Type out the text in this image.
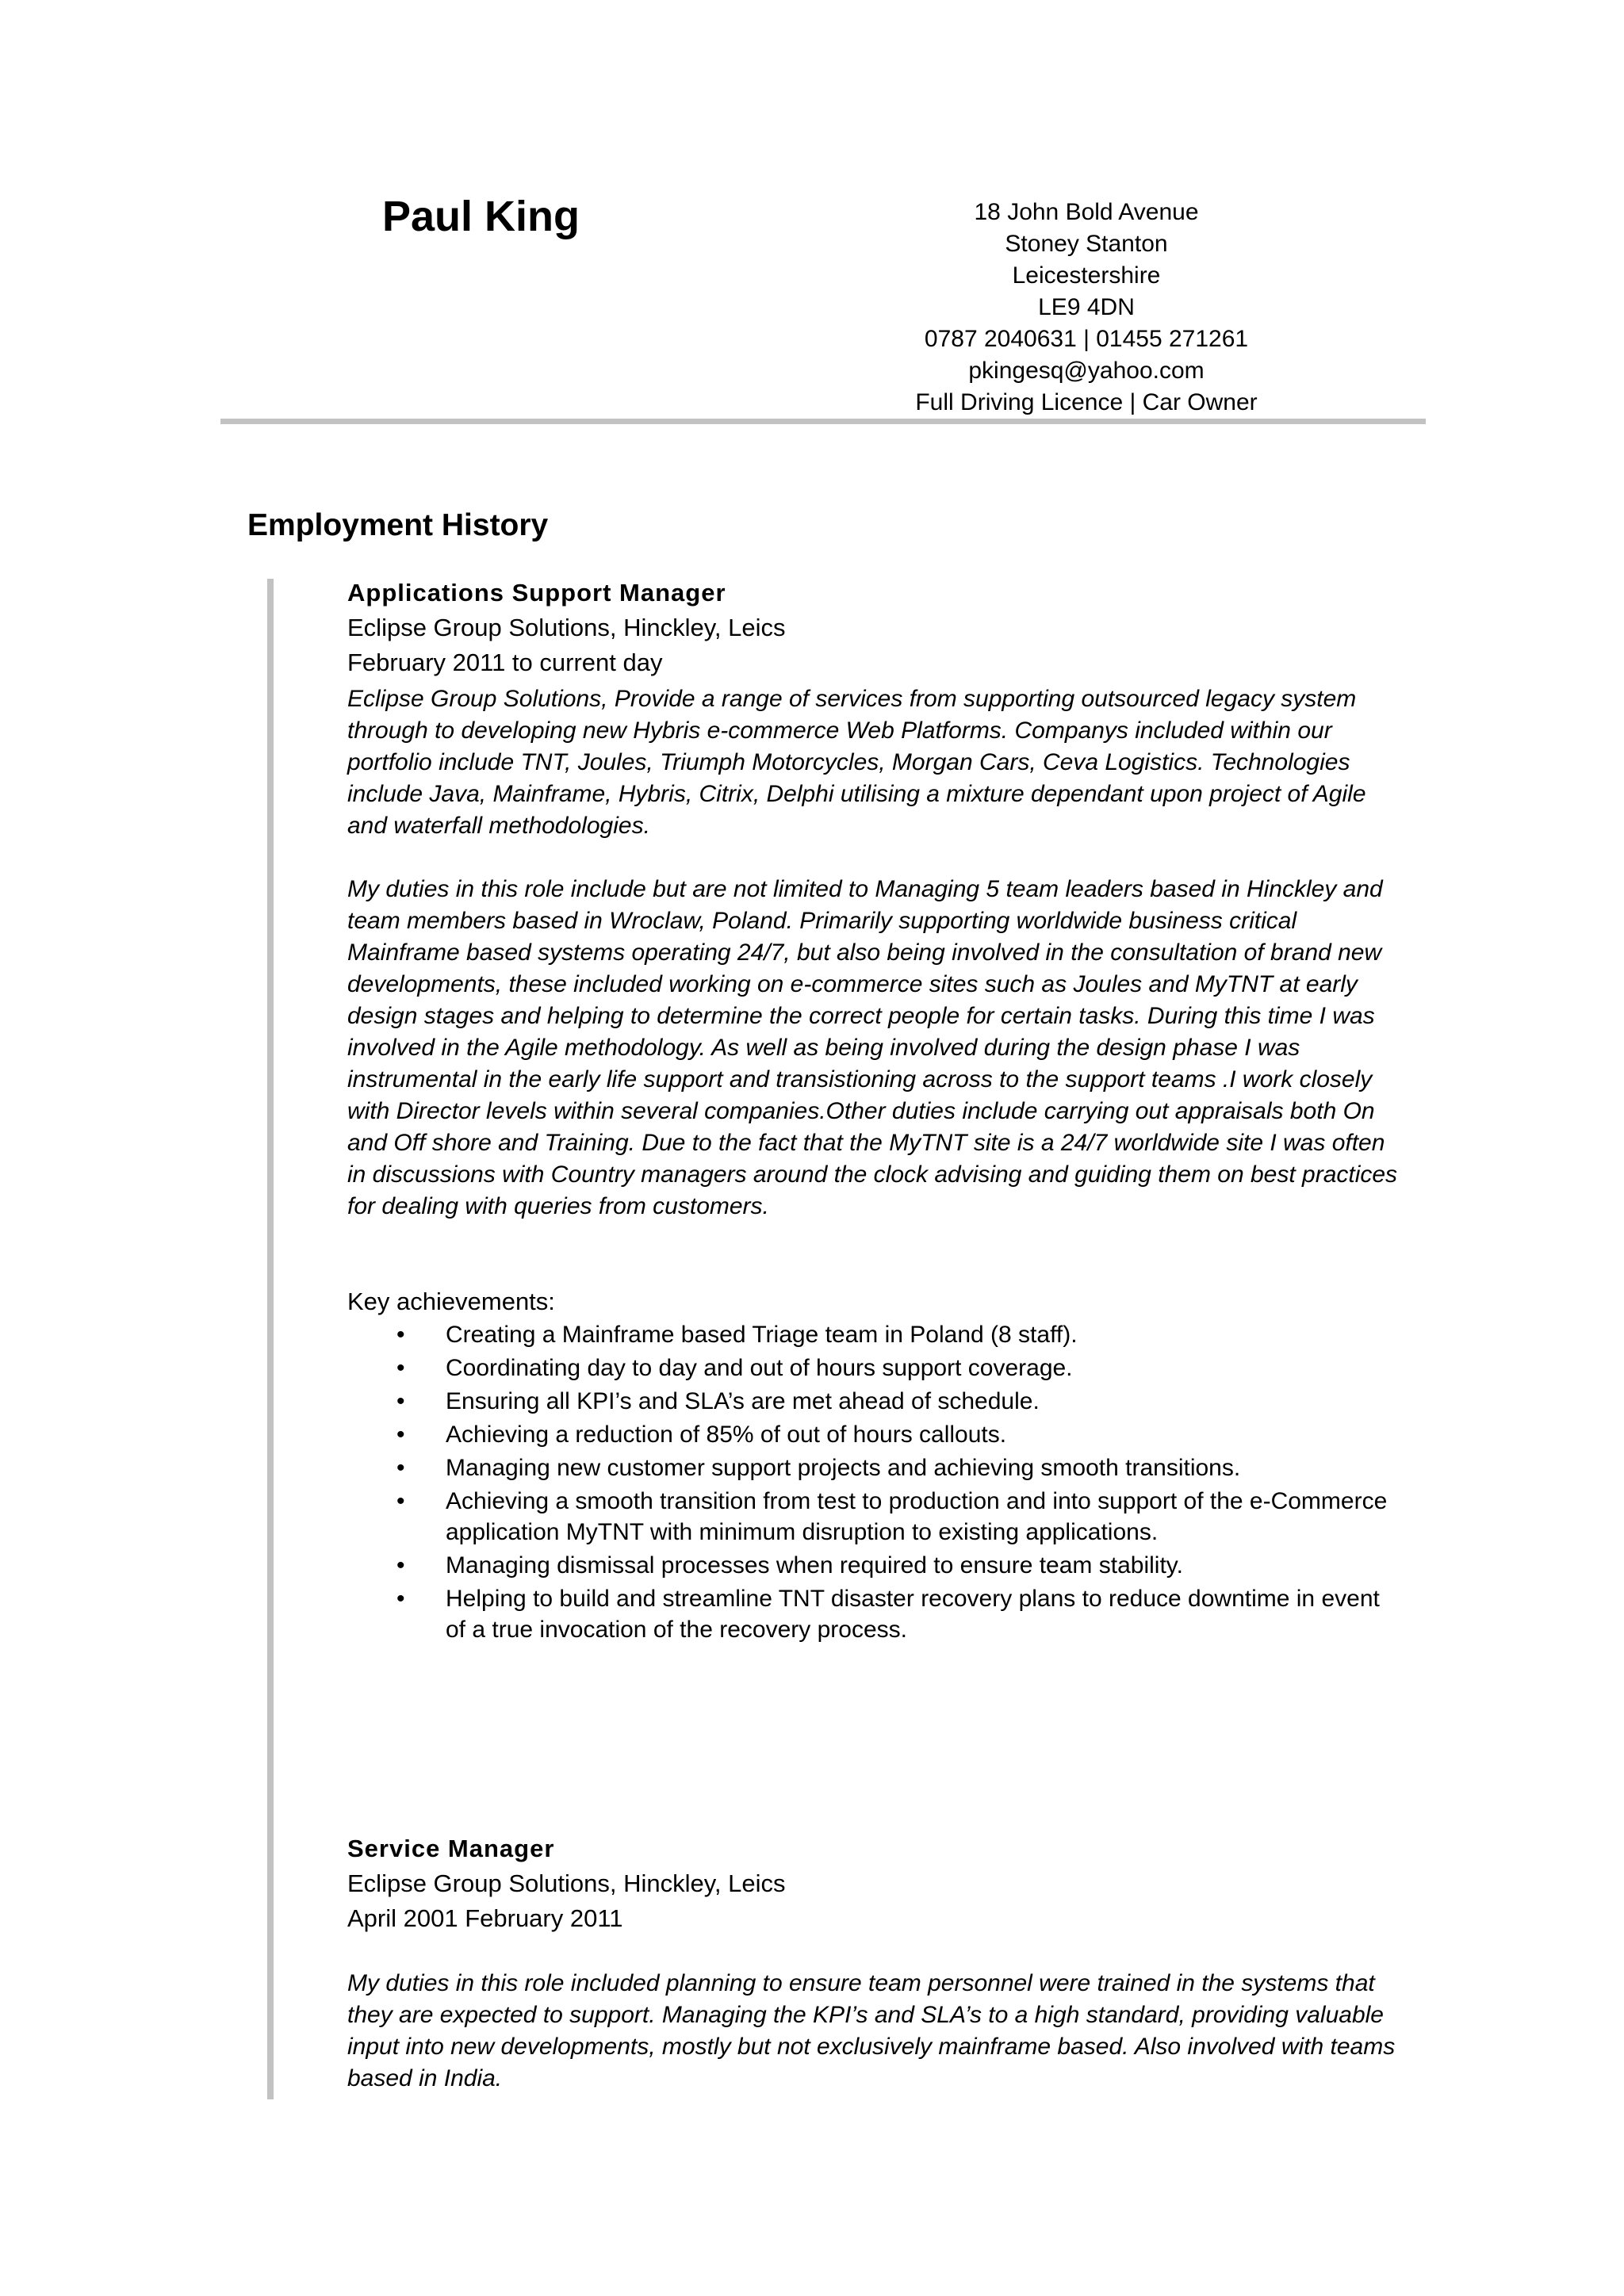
Paul King	18 John Bold Avenue
Stoney Stanton
Leicestershire
LE9 4DN
0787 2040631 | 01455 271261
pkingesq@yahoo.com
Full Driving Licence | Car Owner
Employment History
Applications Support Manager
Eclipse Group Solutions, Hinckley, Leics
February 2011 to current day

Eclipse Group Solutions, Provide a range of services from supporting outsourced legacy system through to developing new Hybris e-commerce Web Platforms. Companys included within our portfolio include TNT, Joules, Triumph Motorcycles, Morgan Cars, Ceva Logistics. Technologies include Java, Mainframe, Hybris, Citrix, Delphi utilising a mixture dependant upon project of Agile and waterfall methodologies.

My duties in this role include but are not limited to Managing 5 team leaders based in Hinckley and team members based in Wroclaw, Poland. Primarily supporting worldwide business critical Mainframe based systems operating 24/7, but also being involved in the consultation of brand new developments, these included working on e-commerce sites such as Joules and MyTNT at early design stages and helping to determine the correct people for certain tasks. During this time I was involved in the Agile methodology. As well as being involved during the design phase I was instrumental in the early life support and transistioning across to the support teams .I work closely with Director levels within several companies.Other duties include carrying out appraisals both On and Off shore and Training. Due to the fact that the MyTNT site is a 24/7 worldwide site I was often in discussions with Country managers around the clock advising and guiding them on best practices for dealing with queries from customers.

Key achievements:

• Creating a Mainframe based Triage team in Poland (8 staff).
• Coordinating day to day and out of hours support coverage.
• Ensuring all KPI’s and SLA’s are met ahead of schedule.
• Achieving a reduction of 85% of out of hours callouts.
• Managing new customer support projects and achieving smooth transitions.
• Achieving a smooth transition from test to production and into support of the e-Commerce application MyTNT with minimum disruption to existing applications.
• Managing dismissal processes when required to ensure team stability.
• Helping to build and streamline TNT disaster recovery plans to reduce downtime in event of a true invocation of the recovery process.
Service Manager
Eclipse Group Solutions, Hinckley, Leics
April 2001 February 2011

My duties in this role included planning to ensure team personnel were trained in the systems that they are expected to support. Managing the KPI’s and SLA’s to a high standard, providing valuable input into new developments, mostly but not exclusively mainframe based. Also involved with teams based in India.
